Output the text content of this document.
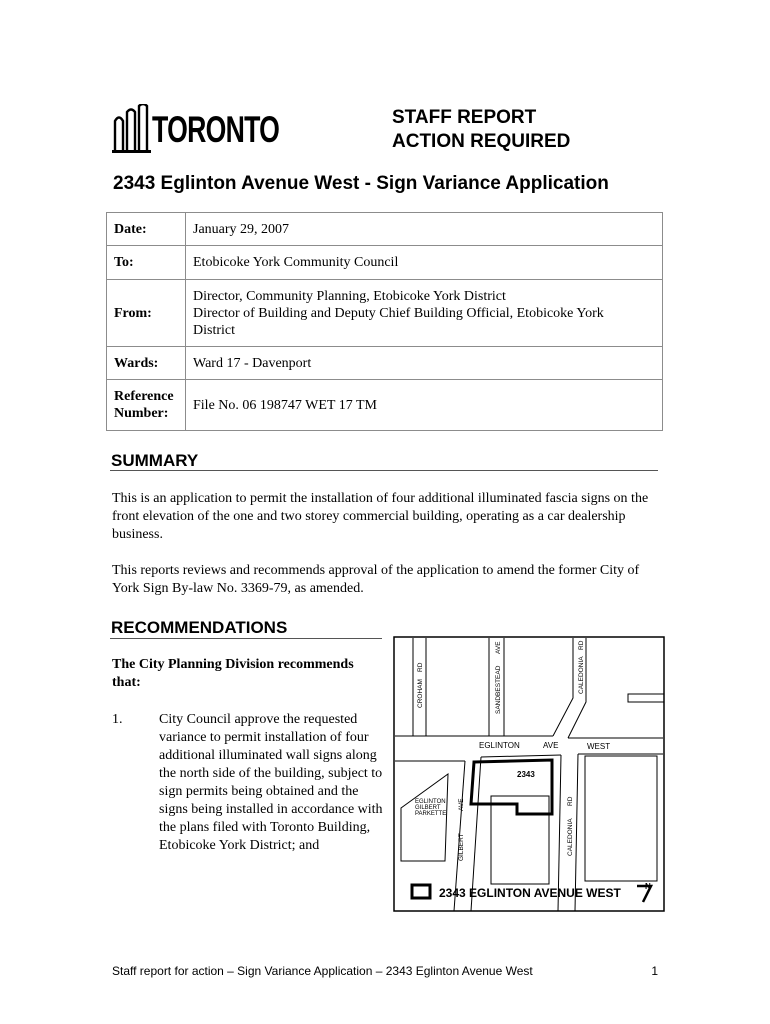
TORONTO	STAFF REPORT
ACTION REQUIRED
2343 Eglinton Avenue West - Sign Variance Application
Date:	January 29, 2007
To:	Etobicoke York Community Council
From:	Director, Community Planning, Etobicoke York District
Director of Building and Deputy Chief Building Official, Etobicoke York
District

Wards:	Ward 17 - Davenport

Reference
Number:	File No. 06 198747 WET 17 TM
SUMMARY
This is an application to permit the installation of four additional illuminated fascia signs on the front elevation of the one and two storey commercial building, operating as a car dealership business.
This reports reviews and recommends approval of the application to amend the former City of York Sign By-law No. 3369-79, as amended.
RECOMMENDATIONS
The City Planning Division recommends that:
1.	City Council approve the requested variance to permit installation of four additional illuminated wall signs along the north side of the building, subject to sign permits being obtained and the signs being installed in accordance with the plans filed with Toronto Building, Etobicoke York District; and
CROHAM
RD	SANDBESTEAD
AVE
CALEDONIA
RD
EGLINTON	AVE	WEST
GILBERT
AVE
CALEDONIA
RD
EGLINTON
GILBERT
PARKETTE
2343
2343 EGLINTON AVENUE WEST	N
Staff report for action – Sign Variance Application – 2343 Eglinton Avenue West	1
